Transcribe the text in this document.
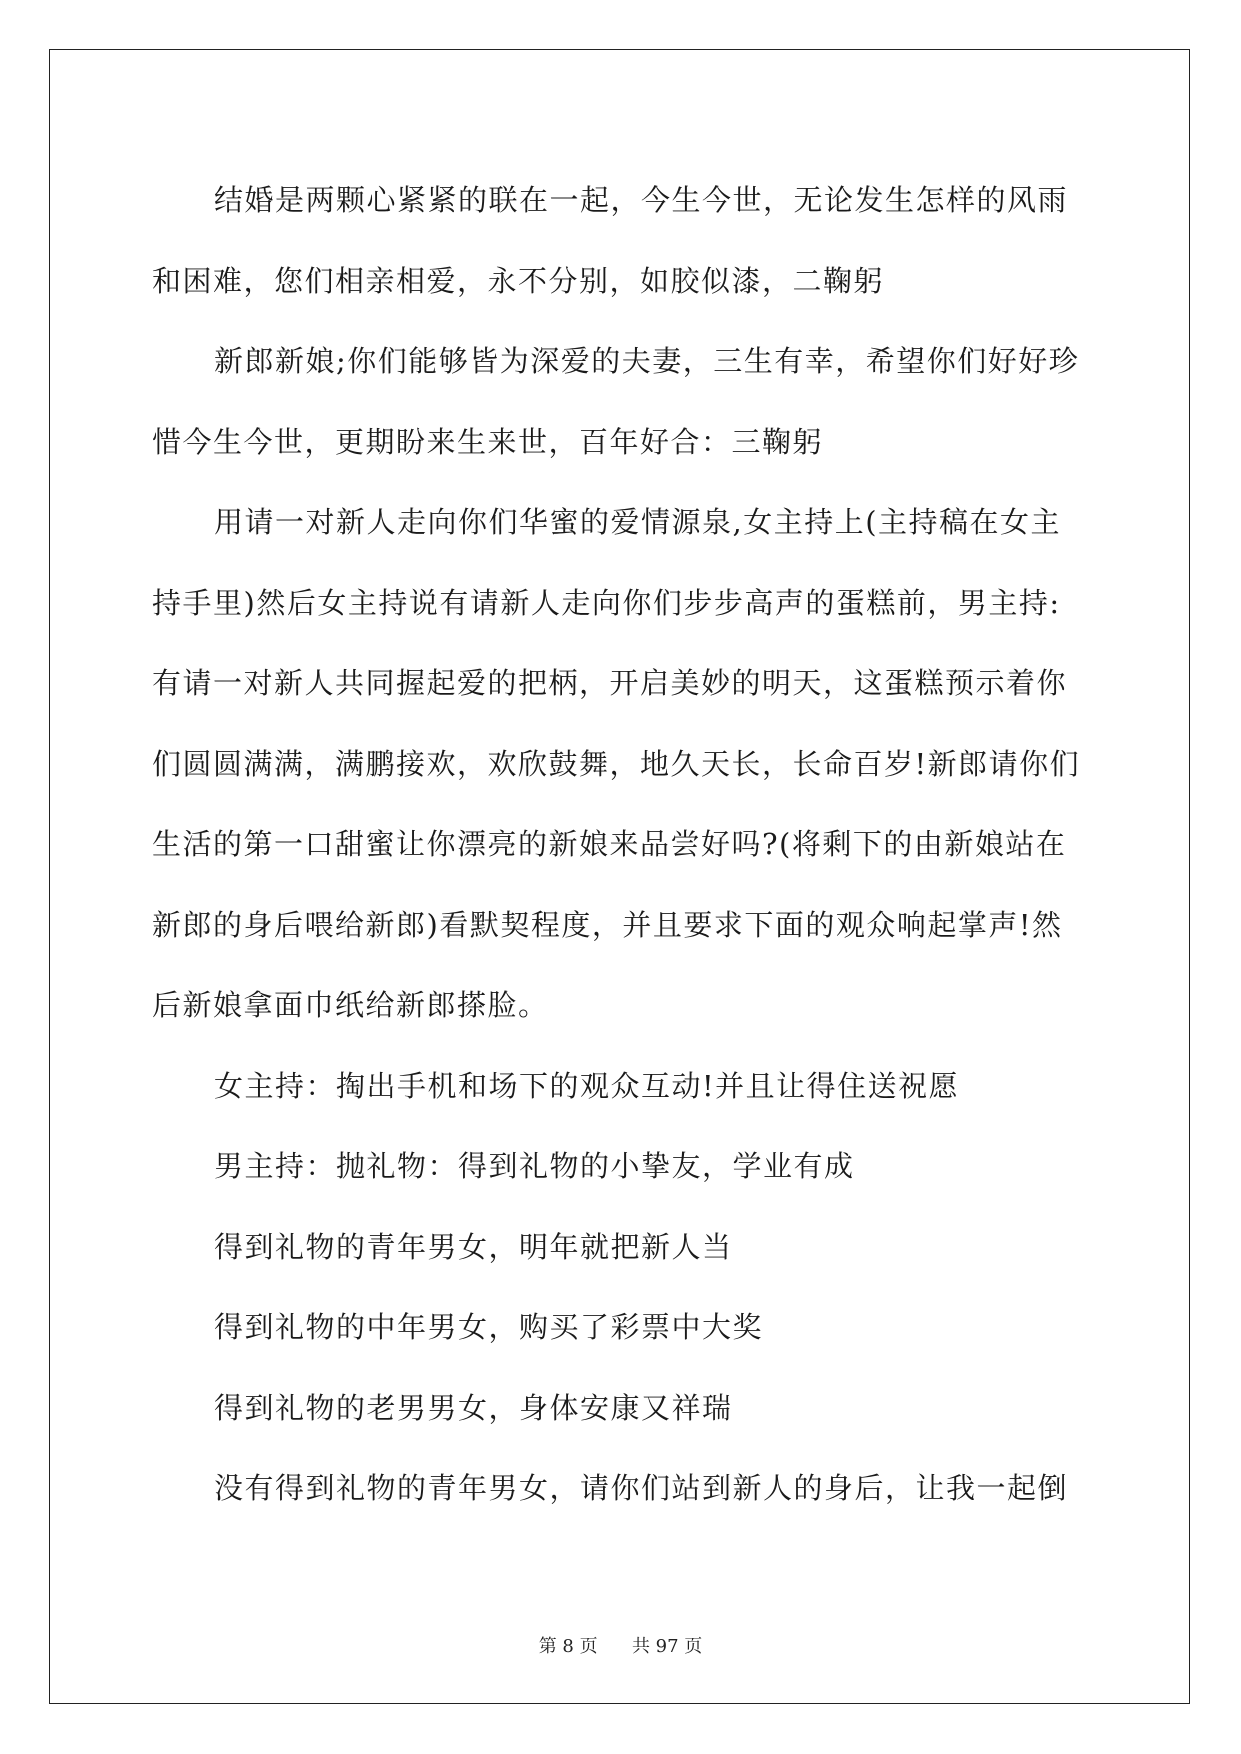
结婚是两颗心紧紧的联在一起，今生今世，无论发生怎样的风雨

和困难，您们相亲相爱，永不分别，如胶似漆，二鞠躬

新郎新娘;你们能够皆为深爱的夫妻，三生有幸，希望你们好好珍

惜今生今世，更期盼来生来世，百年好合：三鞠躬

用请一对新人走向你们华蜜的爱情源泉,女主持上(主持稿在女主

持手里)然后女主持说有请新人走向你们步步高声的蛋糕前，男主持:

有请一对新人共同握起爱的把柄，开启美妙的明天，这蛋糕预示着你

们圆圆满满，满鹏接欢，欢欣鼓舞，地久天长，长命百岁!新郎请你们

生活的第一口甜蜜让你漂亮的新娘来品尝好吗?(将剩下的由新娘站在

新郎的身后喂给新郎)看默契程度，并且要求下面的观众响起掌声!然

后新娘拿面巾纸给新郎搽脸。

女主持：掏出手机和场下的观众互动!并且让得住送祝愿

男主持：抛礼物：得到礼物的小挚友，学业有成

得到礼物的青年男女，明年就把新人当

得到礼物的中年男女，购买了彩票中大奖

得到礼物的老男男女，身体安康又祥瑞

没有得到礼物的青年男女，请你们站到新人的身后，让我一起倒

第 8 页 共 97 页
